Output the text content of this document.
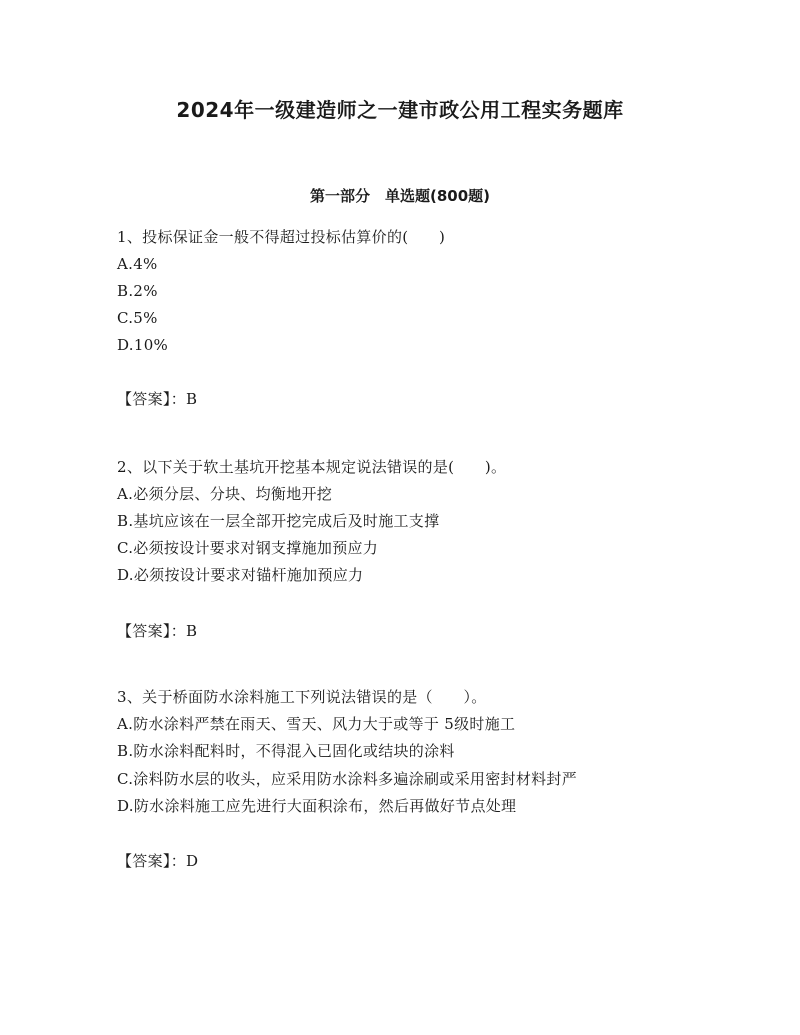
2024年一级建造师之一建市政公用工程实务题库
第一部分　单选题(800题)
1、投标保证金一般不得超过投标估算价的(　　)
A.4%
B.2%
C.5%
D.10%
【答案】：B
2、以下关于软土基坑开挖基本规定说法错误的是(　　)。
A.必须分层、分块、均衡地开挖
B.基坑应该在一层全部开挖完成后及时施工支撑
C.必须按设计要求对钢支撑施加预应力
D.必须按设计要求对锚杆施加预应力
【答案】：B
3、关于桥面防水涂料施工下列说法错误的是（　　）。
A.防水涂料严禁在雨天、雪天、风力大于或等于 5级时施工
B.防水涂料配料时，不得混入已固化或结块的涂料
C.涂料防水层的收头，应采用防水涂料多遍涂刷或采用密封材料封严
D.防水涂料施工应先进行大面积涂布，然后再做好节点处理
【答案】：D
